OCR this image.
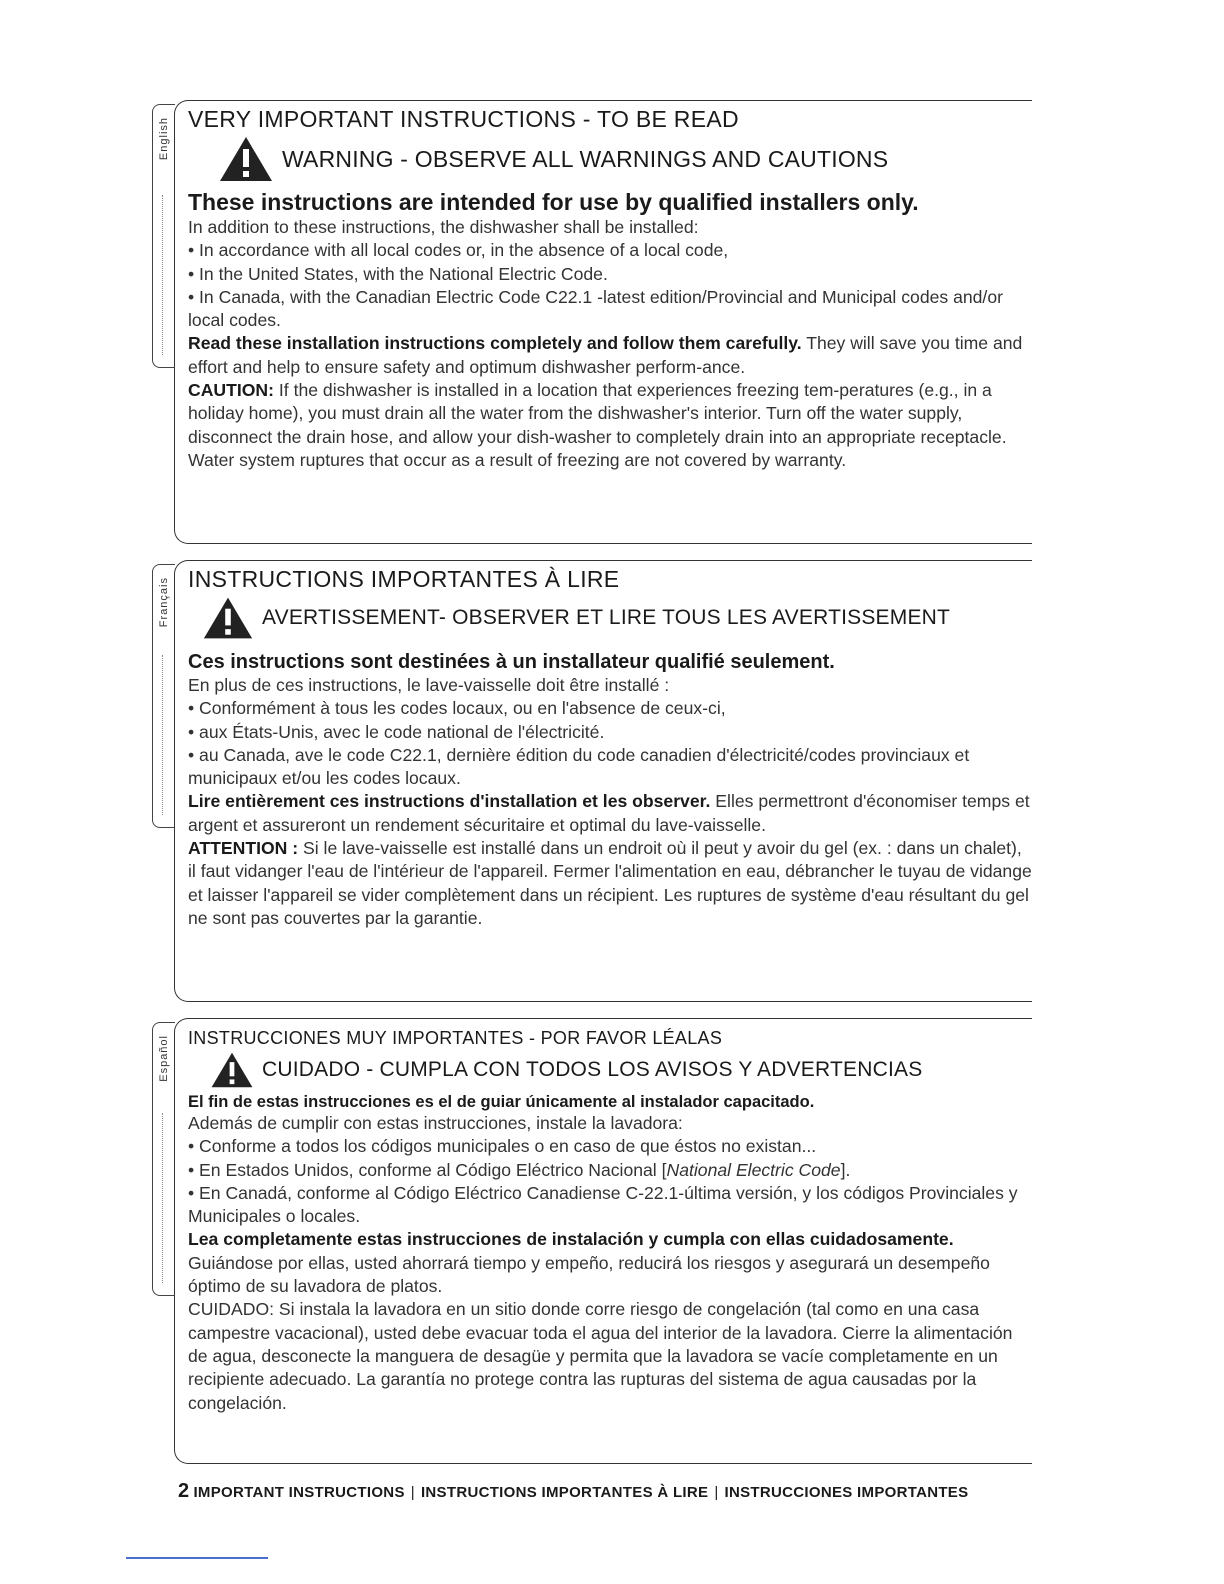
English VERY IMPORTANT INSTRUCTIONS - TO BE READ
WARNING - OBSERVE ALL WARNINGS AND CAUTIONS
These instructions are intended for use by qualified installers only.

In addition to these instructions, the dishwasher shall be installed:

• In accordance with all local codes or, in the absence of a local code,

• In the United States, with the National Electric Code.

• In Canada, with the Canadian Electric Code C22.1 -latest edition/Provincial and Municipal codes and/or local codes.

Read these installation instructions completely and follow them carefully. They will save you time and effort and help to ensure safety and optimum dishwasher perform-ance.

CAUTION: If the dishwasher is installed in a location that experiences freezing tem-peratures (e.g., in a holiday home), you must drain all the water from the dishwasher's interior. Turn off the water supply, disconnect the drain hose, and allow your dish-washer to completely drain into an appropriate receptacle. Water system ruptures that occur as a result of freezing are not covered by warranty.

Français INSTRUCTIONS IMPORTANTES À LIRE
AVERTISSEMENT- OBSERVER ET LIRE TOUS LES AVERTISSEMENT
Ces instructions sont destinées à un installateur qualifié seulement.

En plus de ces instructions, le lave-vaisselle doit être installé :

• Conformément à tous les codes locaux, ou en l'absence de ceux-ci,

• aux États-Unis, avec le code national de l'électricité.

• au Canada, ave le code C22.1, dernière édition du code canadien d'électricité/codes provinciaux et municipaux et/ou les codes locaux.

Lire entièrement ces instructions d'installation et les observer. Elles permettront d'économiser temps et argent et assureront un rendement sécuritaire et optimal du lave-vaisselle.

ATTENTION : Si le lave-vaisselle est installé dans un endroit où il peut y avoir du gel (ex. : dans un chalet), il faut vidanger l'eau de l'intérieur de l'appareil. Fermer l'alimentation en eau, débrancher le tuyau de vidange et laisser l'appareil se vider complètement dans un récipient. Les ruptures de système d'eau résultant du gel ne sont pas couvertes par la garantie.

Español INSTRUCCIONES MUY IMPORTANTES - POR FAVOR LÉALAS
CUIDADO - CUMPLA CON TODOS LOS AVISOS Y ADVERTENCIAS
El fin de estas instrucciones es el de guiar únicamente al instalador capacitado.

Además de cumplir con estas instrucciones, instale la lavadora:

• Conforme a todos los códigos municipales o en caso de que éstos no existan...

• En Estados Unidos, conforme al Código Eléctrico Nacional [National Electric Code].

• En Canadá, conforme al Código Eléctrico Canadiense C-22.1-última versión, y los códigos Provinciales y Municipales o locales.

Lea completamente estas instrucciones de instalación y cumpla con ellas cuidadosamente. Guiándose por ellas, usted ahorrará tiempo y empeño, reducirá los riesgos y asegurará un desempeño óptimo de su lavadora de platos.

CUIDADO: Si instala la lavadora en un sitio donde corre riesgo de congelación (tal como en una casa campestre vacacional), usted debe evacuar toda el agua del interior de la lavadora. Cierre la alimentación de agua, desconecte la manguera de desagüe y permita que la lavadora se vacíe completamente en un recipiente adecuado. La garantía no protege contra las rupturas del sistema de agua causadas por la congelación.

2 IMPORTANT INSTRUCTIONS | INSTRUCTIONS IMPORTANTES À LIRE | INSTRUCCIONES IMPORTANTES
